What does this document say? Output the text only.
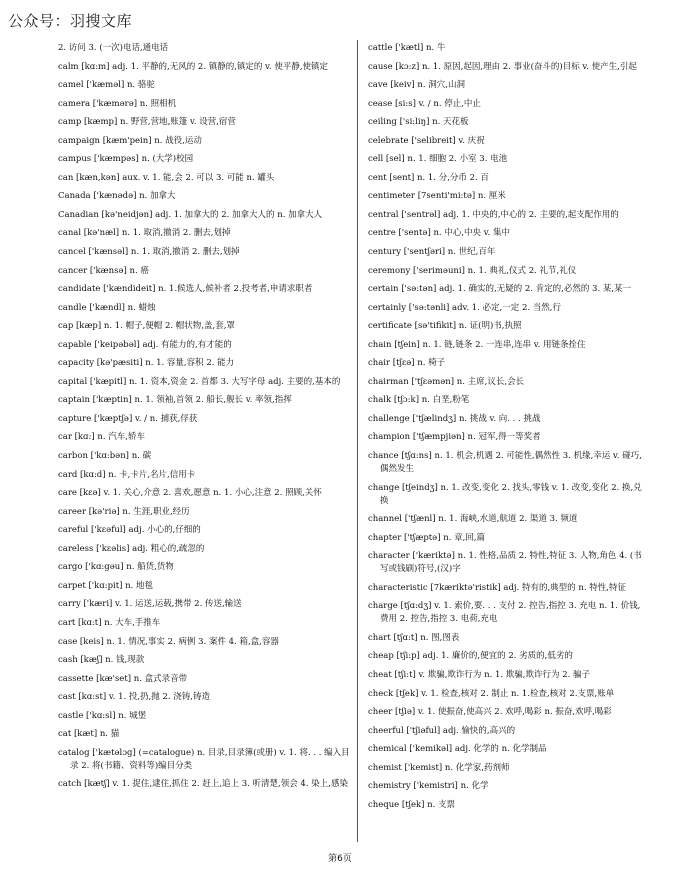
公众号：羽搜文库

2. 访问 3. (一次)电话,通电话

calm [kɑ:m] adj. 1. 平静的,无风的 2. 镇静的,镇定的 v. 使平静,使镇定

camel ['kæməl] n. 骆驼

camera ['kæmərə] n. 照相机

camp [kæmp] n. 野营,营地,账篷 v. 设营,宿营

campaign [kæm'pein] n. 战役,运动

campus ['kæmpəs] n. (大学)校园

can [kæn,kən] aux. v. 1. 能,会 2. 可以 3. 可能 n. 罐头

Canada ['kænədə] n. 加拿大

Canadian [kə'neidjən] adj. 1. 加拿大的 2. 加拿大人的 n. 加拿大人

canal [kə'næl] n. 1. 取消,撤消 2. 删去,划掉

cancel ['kænsəl] n. 1. 取消,撤消 2. 删去,划掉

cancer ['kænsə] n. 癌

candidate ['kændideit] n. 1.候选人,候补者 2.投考者,申请求职者

candle ['kændl] n. 蜡烛

cap [kæp] n. 1. 帽子,便帽 2. 帽状物,盖,套,罩

capable ['keipəbəl] adj. 有能力的,有才能的

capacity [kə'pæsiti] n. 1. 容量,容积 2. 能力

capital ['kæpitl] n. 1. 资本,资金 2. 首都 3. 大写字母 adj. 主要的,基本的

captain ['kæptin] n. 1. 领袖,首领 2. 船长,舰长 v. 率领,指挥

capture ['kæptʃə] v. / n. 捕获,俘获

car [kɑ:] n. 汽车,轿车

carbon ['kɑ:bən] n. 碳

card [kɑ:d] n. 卡,卡片,名片,信用卡

care [kεə] v. 1. 关心,介意 2. 喜欢,愿意 n. 1. 小心,注意 2. 照顾,关怀

career [kə'riə] n. 生涯,职业,经历

careful ['kεəful] adj. 小心的,仔细的

careless ['kεəlis] adj. 粗心的,疏忽的

cargo ['kɑ:gəu] n. 船货,货物

carpet ['kɑ:pit] n. 地毯

carry ['kæri] v. 1. 运送,运载,携带 2. 传送,输送

cart [kɑ:t] n. 大车,手推车

case [keis] n. 1. 情况,事实 2. 病例 3. 案件 4. 箱,盒,容器

cash [kæʃ] n. 钱,现款

cassette [kæ'set] n. 盒式录音带

cast [kɑ:st] v. 1. 投,扔,抛 2. 浇铸,铸造

castle ['kɑ:sl] n. 城堡

cat [kæt] n. 猫

catalog ['kætəlɔg] (=catalogue) n. 目录,目录簿(或册) v. 1. 将. . . 编入目录 2. 将(书籍、资料等)编目分类

catch [kætʃ] v. 1. 捉住,逮住,抓住 2. 赶上,追上 3. 听清楚,领会 4. 染上,感染

cattle ['kætl] n. 牛

cause [kɔ:z] n. 1. 原因,起因,理由 2. 事业(奋斗的)目标 v. 使产生,引起

cave [keiv] n. 洞穴,山洞

cease [si:s] v. / n. 停止,中止

ceiling ['si:liŋ] n. 天花板

celebrate ['selibreit] v. 庆祝

cell [sel] n. 1. 细胞 2. 小室 3. 电池

cent [sent] n. 1. 分,分币 2. 百

centimeter [7senti'mi:tə] n. 厘米

central ['sentrəl] adj. 1. 中央的,中心的 2. 主要的,起支配作用的

centre ['sentə] n. 中心,中央 v. 集中

century ['sentʃəri] n. 世纪,百年

ceremony ['seriməuni] n. 1. 典礼,仪式 2. 礼节,礼仪

certain ['sə:tən] adj. 1. 确实的,无疑的 2. 肯定的,必然的 3. 某,某一

certainly ['sə:tənli] adv. 1. 必定,一定 2. 当然,行

certificate [sə'tifikit] n. 证(明)书,执照

chain [tʃein] n. 1. 链,链条 2. 一连串,连串 v. 用链条拴住

chair [tʃεə] n. 椅子

chairman ['tʃεəmən] n. 主席,议长,会长

chalk [tʃɔ:k] n. 白垩,粉笔

challenge ['tʃælindʒ] n. 挑战 v. 向. . . 挑战

champion ['tʃæmpjiən] n. 冠军,得一等奖者

chance [tʃɑ:ns] n. 1. 机会,机遇 2. 可能性,偶然性 3. 机缘,幸运 v. 碰巧,偶然发生

change [tʃeindʒ] n. 1. 改变,变化 2. 找头,零钱 v. 1. 改变,变化 2. 换,兑换

channel ['tʃænl] n. 1. 海峡,水道,航道 2. 渠道 3. 频道

chapter ['tʃæptə] n. 章,回,篇

character ['kæriktə] n. 1. 性格,品质 2. 特性,特征 3. 人物,角色 4. (书写或钱刷)符号,(汉)字

characteristic [7kæriktə'ristik] adj. 特有的,典型的 n. 特性,特征

charge [tʃɑ:dʒ] v. 1. 索价,要. . . 支付 2. 控告,指控 3. 充电 n. 1. 价钱,费用 2. 控告,指控 3. 电荷,充电

chart [tʃɑ:t] n. 图,图表

cheap [tʃi:p] adj. 1. 廉价的,便宜的 2. 劣质的,低劣的

cheat [tʃi:t] v. 欺骗,欺诈行为 n. 1. 欺骗,欺诈行为 2. 骗子

check [tʃek] v. 1. 检查,核对 2. 制止 n. 1.检查,核对 2.支票,账单

cheer [tʃiə] v. 1. 使振奋,使高兴 2. 欢呼,喝彩 n. 振奋,欢呼,喝彩

cheerful ['tʃiəful] adj. 愉快的,高兴的

chemical ['kemikəl] adj. 化学的 n. 化学制品

chemist ['kemist] n. 化学家,药剂师

chemistry ['kemistri] n. 化学

cheque [tʃek] n. 支票

第6页
